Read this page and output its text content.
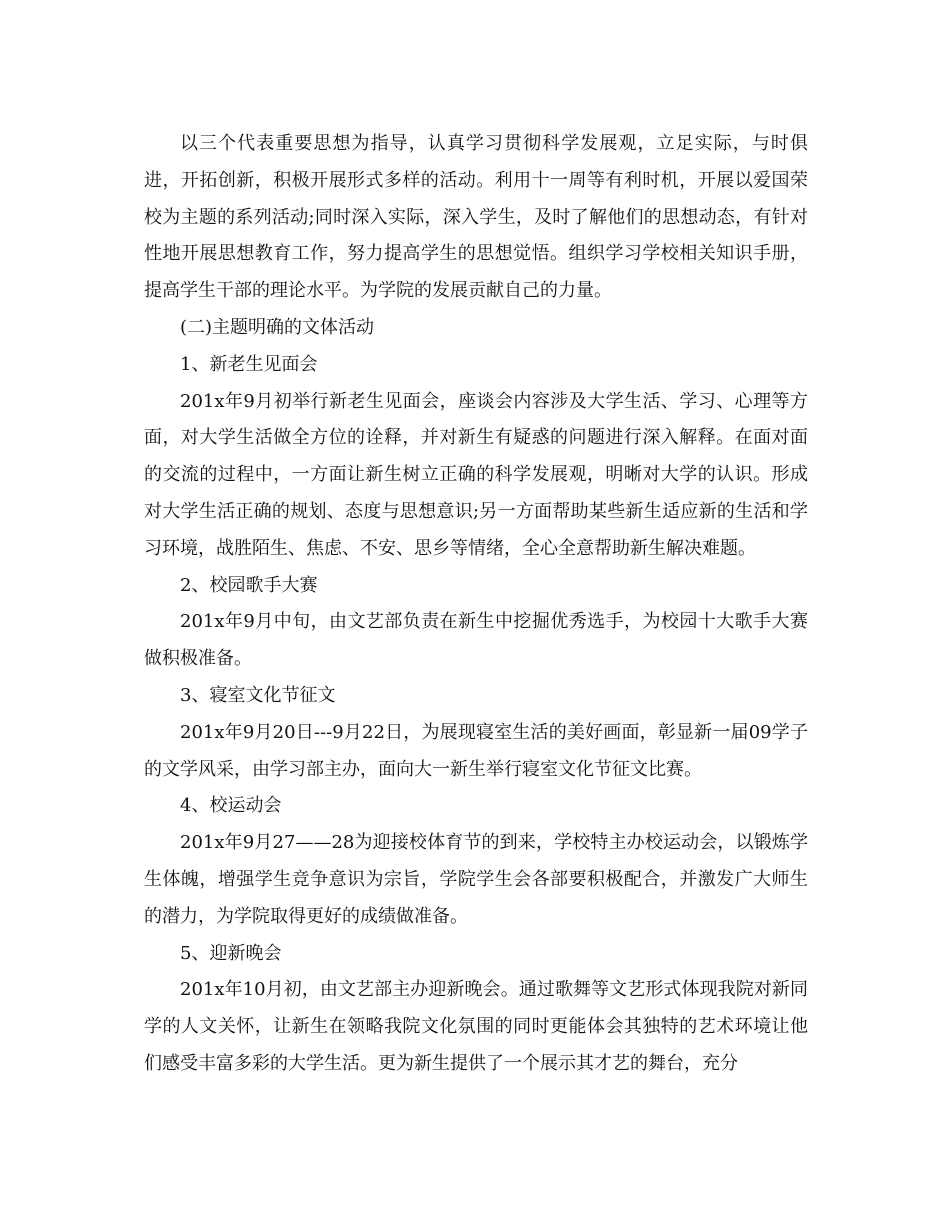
以三个代表重要思想为指导，认真学习贯彻科学发展观，立足实际，与时俱进，开拓创新，积极开展形式多样的活动。利用十一周等有利时机，开展以爱国荣校为主题的系列活动;同时深入实际，深入学生，及时了解他们的思想动态，有针对性地开展思想教育工作，努力提高学生的思想觉悟。组织学习学校相关知识手册，提高学生干部的理论水平。为学院的发展贡献自己的力量。

(二)主题明确的文体活动

1、新老生见面会

201x年9月初举行新老生见面会，座谈会内容涉及大学生活、学习、心理等方面，对大学生活做全方位的诠释，并对新生有疑惑的问题进行深入解释。在面对面的交流的过程中，一方面让新生树立正确的科学发展观，明晰对大学的认识。形成对大学生活正确的规划、态度与思想意识;另一方面帮助某些新生适应新的生活和学习环境，战胜陌生、焦虑、不安、思乡等情绪，全心全意帮助新生解决难题。

2、校园歌手大赛

201x年9月中旬，由文艺部负责在新生中挖掘优秀选手，为校园十大歌手大赛做积极准备。

3、寝室文化节征文

201x年9月20日---9月22日，为展现寝室生活的美好画面，彰显新一届09学子的文学风采，由学习部主办，面向大一新生举行寝室文化节征文比赛。

4、校运动会

201x年9月27——28为迎接校体育节的到来，学校特主办校运动会，以锻炼学生体魄，增强学生竞争意识为宗旨，学院学生会各部要积极配合，并激发广大师生的潜力，为学院取得更好的成绩做准备。

5、迎新晚会

201x年10月初，由文艺部主办迎新晚会。通过歌舞等文艺形式体现我院对新同学的人文关怀，让新生在领略我院文化氛围的同时更能体会其独特的艺术环境让他们感受丰富多彩的大学生活。更为新生提供了一个展示其才艺的舞台，充分
